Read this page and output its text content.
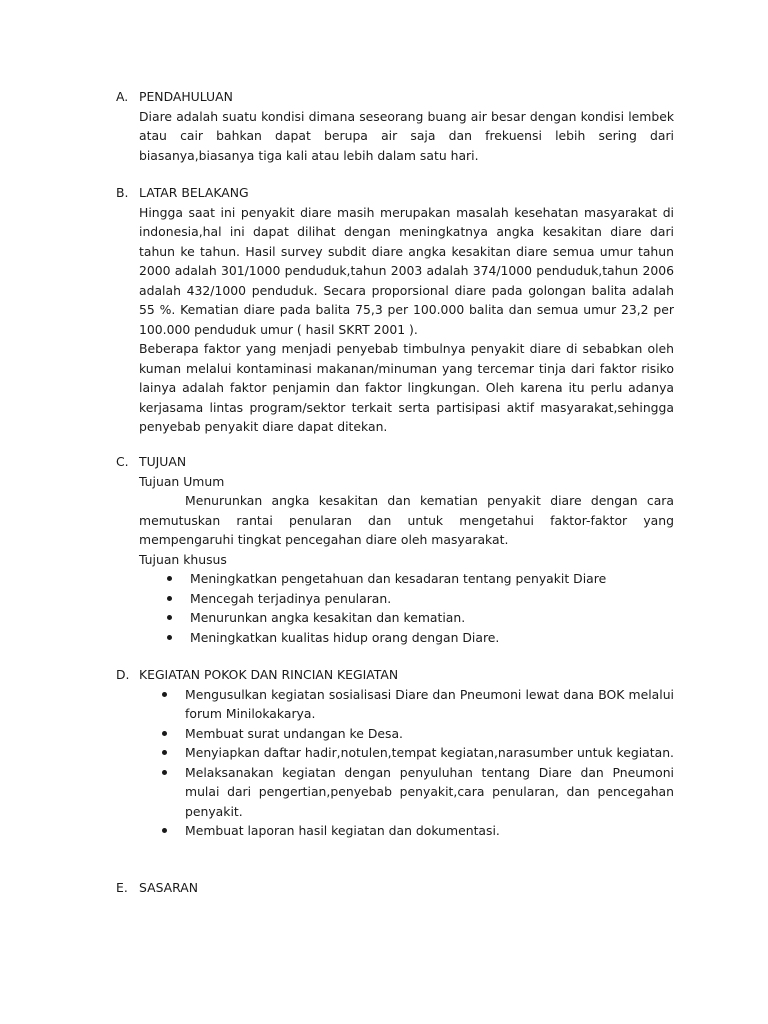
A. PENDAHULUAN
Diare adalah suatu kondisi dimana seseorang buang air besar dengan kondisi lembek atau cair bahkan dapat berupa air saja dan frekuensi lebih sering dari biasanya,biasanya tiga kali atau lebih dalam satu hari.
B. LATAR BELAKANG
Hingga saat ini penyakit diare masih merupakan masalah kesehatan masyarakat di indonesia,hal ini dapat dilihat dengan meningkatnya angka kesakitan diare dari tahun ke tahun. Hasil survey subdit diare angka kesakitan diare semua umur tahun 2000 adalah 301/1000 penduduk,tahun 2003 adalah 374/1000 penduduk,tahun 2006 adalah 432/1000 penduduk. Secara proporsional diare pada golongan balita adalah 55 %. Kematian diare pada balita 75,3 per 100.000 balita dan semua umur 23,2 per 100.000 penduduk umur ( hasil SKRT 2001 ).
Beberapa faktor yang menjadi penyebab timbulnya penyakit diare di sebabkan oleh kuman melalui kontaminasi makanan/minuman yang tercemar tinja dari faktor risiko lainya adalah faktor penjamin dan faktor lingkungan. Oleh karena itu perlu adanya kerjasama lintas program/sektor terkait serta partisipasi aktif masyarakat,sehingga penyebab penyakit diare dapat ditekan.
C. TUJUAN
Tujuan Umum
Menurunkan angka kesakitan dan kematian penyakit diare dengan cara memutuskan rantai penularan dan untuk mengetahui faktor-faktor yang mempengaruhi tingkat pencegahan diare oleh masyarakat.
Tujuan khusus
Meningkatkan pengetahuan dan kesadaran tentang penyakit Diare
Mencegah terjadinya penularan.
Menurunkan angka kesakitan dan kematian.
Meningkatkan kualitas hidup orang dengan Diare.
D. KEGIATAN POKOK DAN RINCIAN KEGIATAN
Mengusulkan kegiatan sosialisasi Diare dan Pneumoni lewat dana BOK melalui forum Minilokakarya.
Membuat surat undangan ke Desa.
Menyiapkan daftar hadir,notulen,tempat kegiatan,narasumber untuk kegiatan.
Melaksanakan kegiatan dengan penyuluhan tentang Diare dan Pneumoni mulai dari pengertian,penyebab penyakit,cara penularan, dan pencegahan penyakit.
Membuat laporan hasil kegiatan dan dokumentasi.
E. SASARAN
